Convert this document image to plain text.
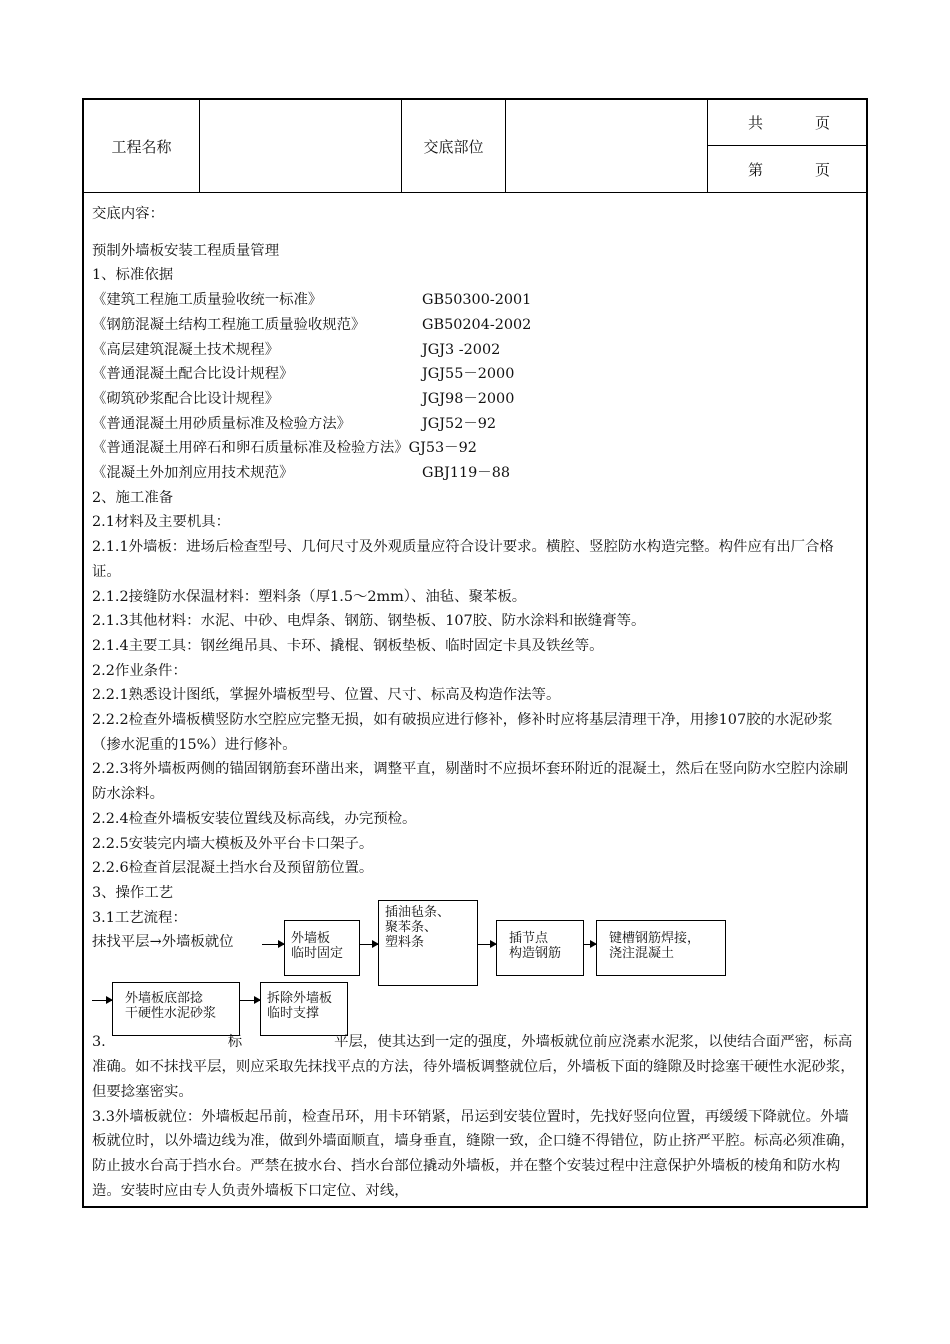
工程名称	交底部位
共	页
第	页

交底内容：

预制外墙板安装工程质量管理

1、标准依据

《建筑工程施工质量验收统一标准》	GB50300-2001
《钢筋混凝土结构工程施工质量验收规范》	GB50204-2002
《高层建筑混凝土技术规程》	JGJ3 -2002
《普通混凝土配合比设计规程》	JGJ55－2000
《砌筑砂浆配合比设计规程》	JGJ98－2000
《普通混凝土用砂质量标准及检验方法》	JGJ52－92
《普通混凝土用碎石和卵石质量标准及检验方法》 GJ53－92
《混凝土外加剂应用技术规范》	GBJ119－88

2、施工准备

2.1材料及主要机具：

2.1.1外墙板：进场后检查型号、几何尺寸及外观质量应符合设计要求。横腔、竖腔防水构造完整。构件应有出厂合格证。

2.1.2接缝防水保温材料：塑料条（厚1.5～2mm）、油毡、聚苯板。

2.1.3其他材料：水泥、中砂、电焊条、钢筋、钢垫板、107胶、防水涂料和嵌缝膏等。

2.1.4主要工具：钢丝绳吊具、卡环、撬棍、钢板垫板、临时固定卡具及铁丝等。

2.2作业条件：

2.2.1熟悉设计图纸，掌握外墙板型号、位置、尺寸、标高及构造作法等。

2.2.2检查外墙板横竖防水空腔应完整无损，如有破损应进行修补，修补时应将基层清理干净，用掺107胶的水泥砂浆（掺水泥重的15%）进行修补。

2.2.3将外墙板两侧的锚固钢筋套环凿出来，调整平直，剔凿时不应损坏套环附近的混凝土，然后在竖向防水空腔内涂刷防水涂料。

2.2.4检查外墙板安装位置线及标高线，办完预检。

2.2.5安装完内墙大模板及外平台卡口架子。

2.2.6检查首层混凝土挡水台及预留筋位置。

3、操作工艺

3.1工艺流程：

抹找平层→外墙板就位	外墙板
临时固定
插油毡条、
聚苯条、
塑料条	插节点
构造钢筋
键槽钢筋焊接，
浇注混凝土
外墙板底部捻
干硬性水泥砂浆
拆除外墙板
临时支撑

3.	标	平层，使其达到一定的强度，外墙板就位前应浇素水泥浆，以使结合面严密，标高准确。如不抹找平层，则应采取先抹找平点的方法，待外墙板调整就位后，外墙板下面的缝隙及时捻塞干硬性水泥砂浆，但要捻塞密实。

3.3外墙板就位：外墙板起吊前，检查吊环，用卡环销紧，吊运到安装位置时，先找好竖向位置，再缓缓下降就位。外墙板就位时，以外墙边线为准，做到外墙面顺直，墙身垂直，缝隙一致，企口缝不得错位，防止挤严平腔。标高必须准确，防止披水台高于挡水台。严禁在披水台、挡水台部位撬动外墙板，并在整个安装过程中注意保护外墙板的棱角和防水构造。安装时应由专人负责外墙板下口定位、对线，
